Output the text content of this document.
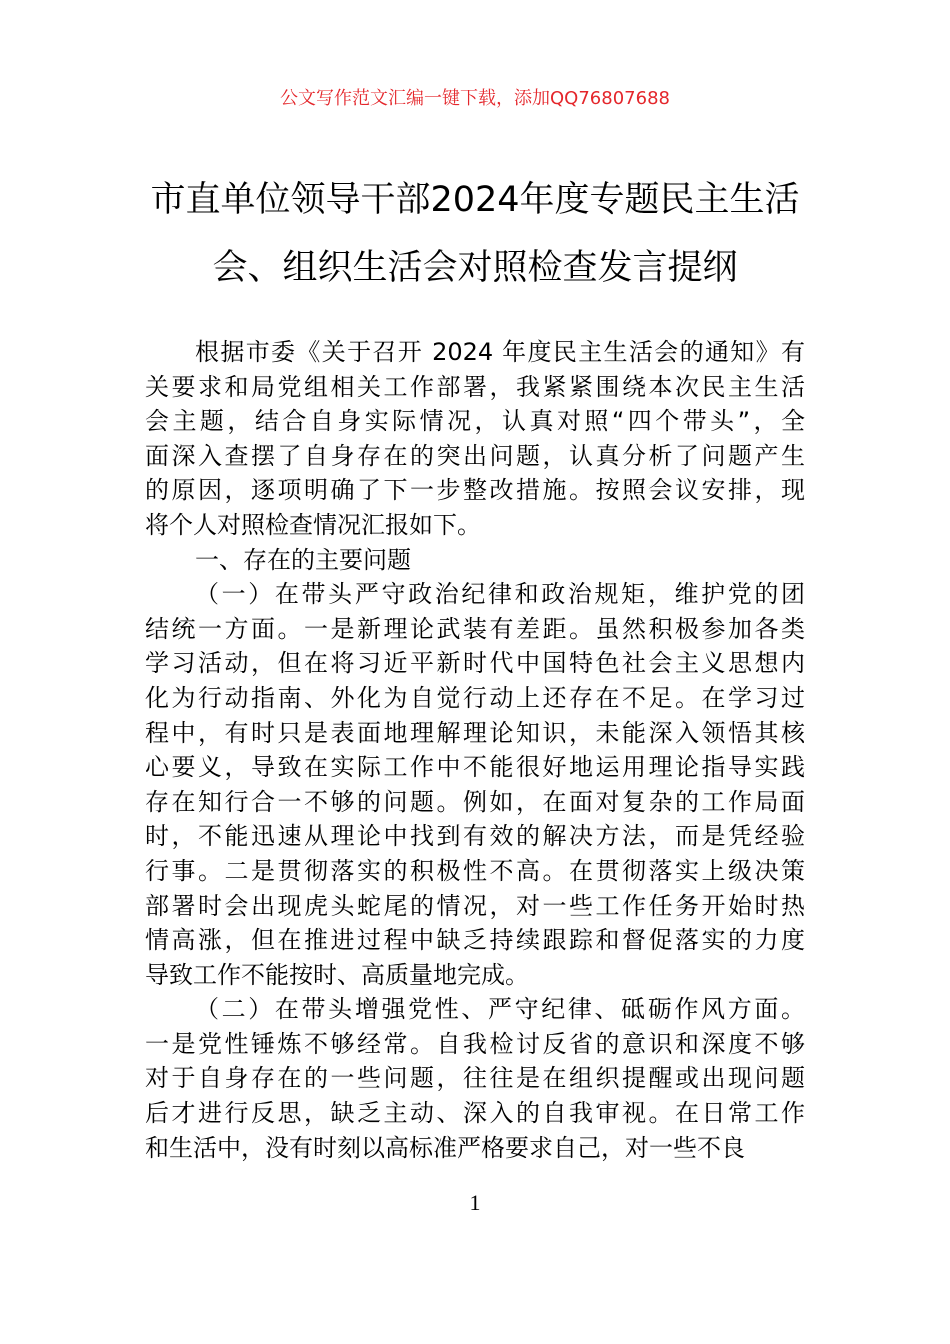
公文写作范文汇编一键下载，添加QQ76807688
市直单位领导干部2024年度专题民主生活
会、组织生活会对照检查发言提纲
根据市委《关于召开 2024 年度民主生活会的通知》有
关要求和局党组相关工作部署，我紧紧围绕本次民主生活
会主题，结合自身实际情况，认真对照“四个带头”，全
面深入查摆了自身存在的突出问题，认真分析了问题产生
的原因，逐项明确了下一步整改措施。按照会议安排，现
将个人对照检查情况汇报如下。
一、存在的主要问题
（一）在带头严守政治纪律和政治规矩，维护党的团
结统一方面。一是新理论武装有差距。虽然积极参加各类
学习活动，但在将习近平新时代中国特色社会主义思想内
化为行动指南、外化为自觉行动上还存在不足。在学习过
程中，有时只是表面地理解理论知识，未能深入领悟其核
心要义，导致在实际工作中不能很好地运用理论指导实践
存在知行合一不够的问题。例如，在面对复杂的工作局面
时，不能迅速从理论中找到有效的解决方法，而是凭经验
行事。二是贯彻落实的积极性不高。在贯彻落实上级决策
部署时会出现虎头蛇尾的情况，对一些工作任务开始时热
情高涨，但在推进过程中缺乏持续跟踪和督促落实的力度
导致工作不能按时、高质量地完成。
（二）在带头增强党性、严守纪律、砥砺作风方面。
一是党性锤炼不够经常。自我检讨反省的意识和深度不够
对于自身存在的一些问题，往往是在组织提醒或出现问题
后才进行反思，缺乏主动、深入的自我审视。在日常工作
和生活中，没有时刻以高标准严格要求自己，对一些不良
1
